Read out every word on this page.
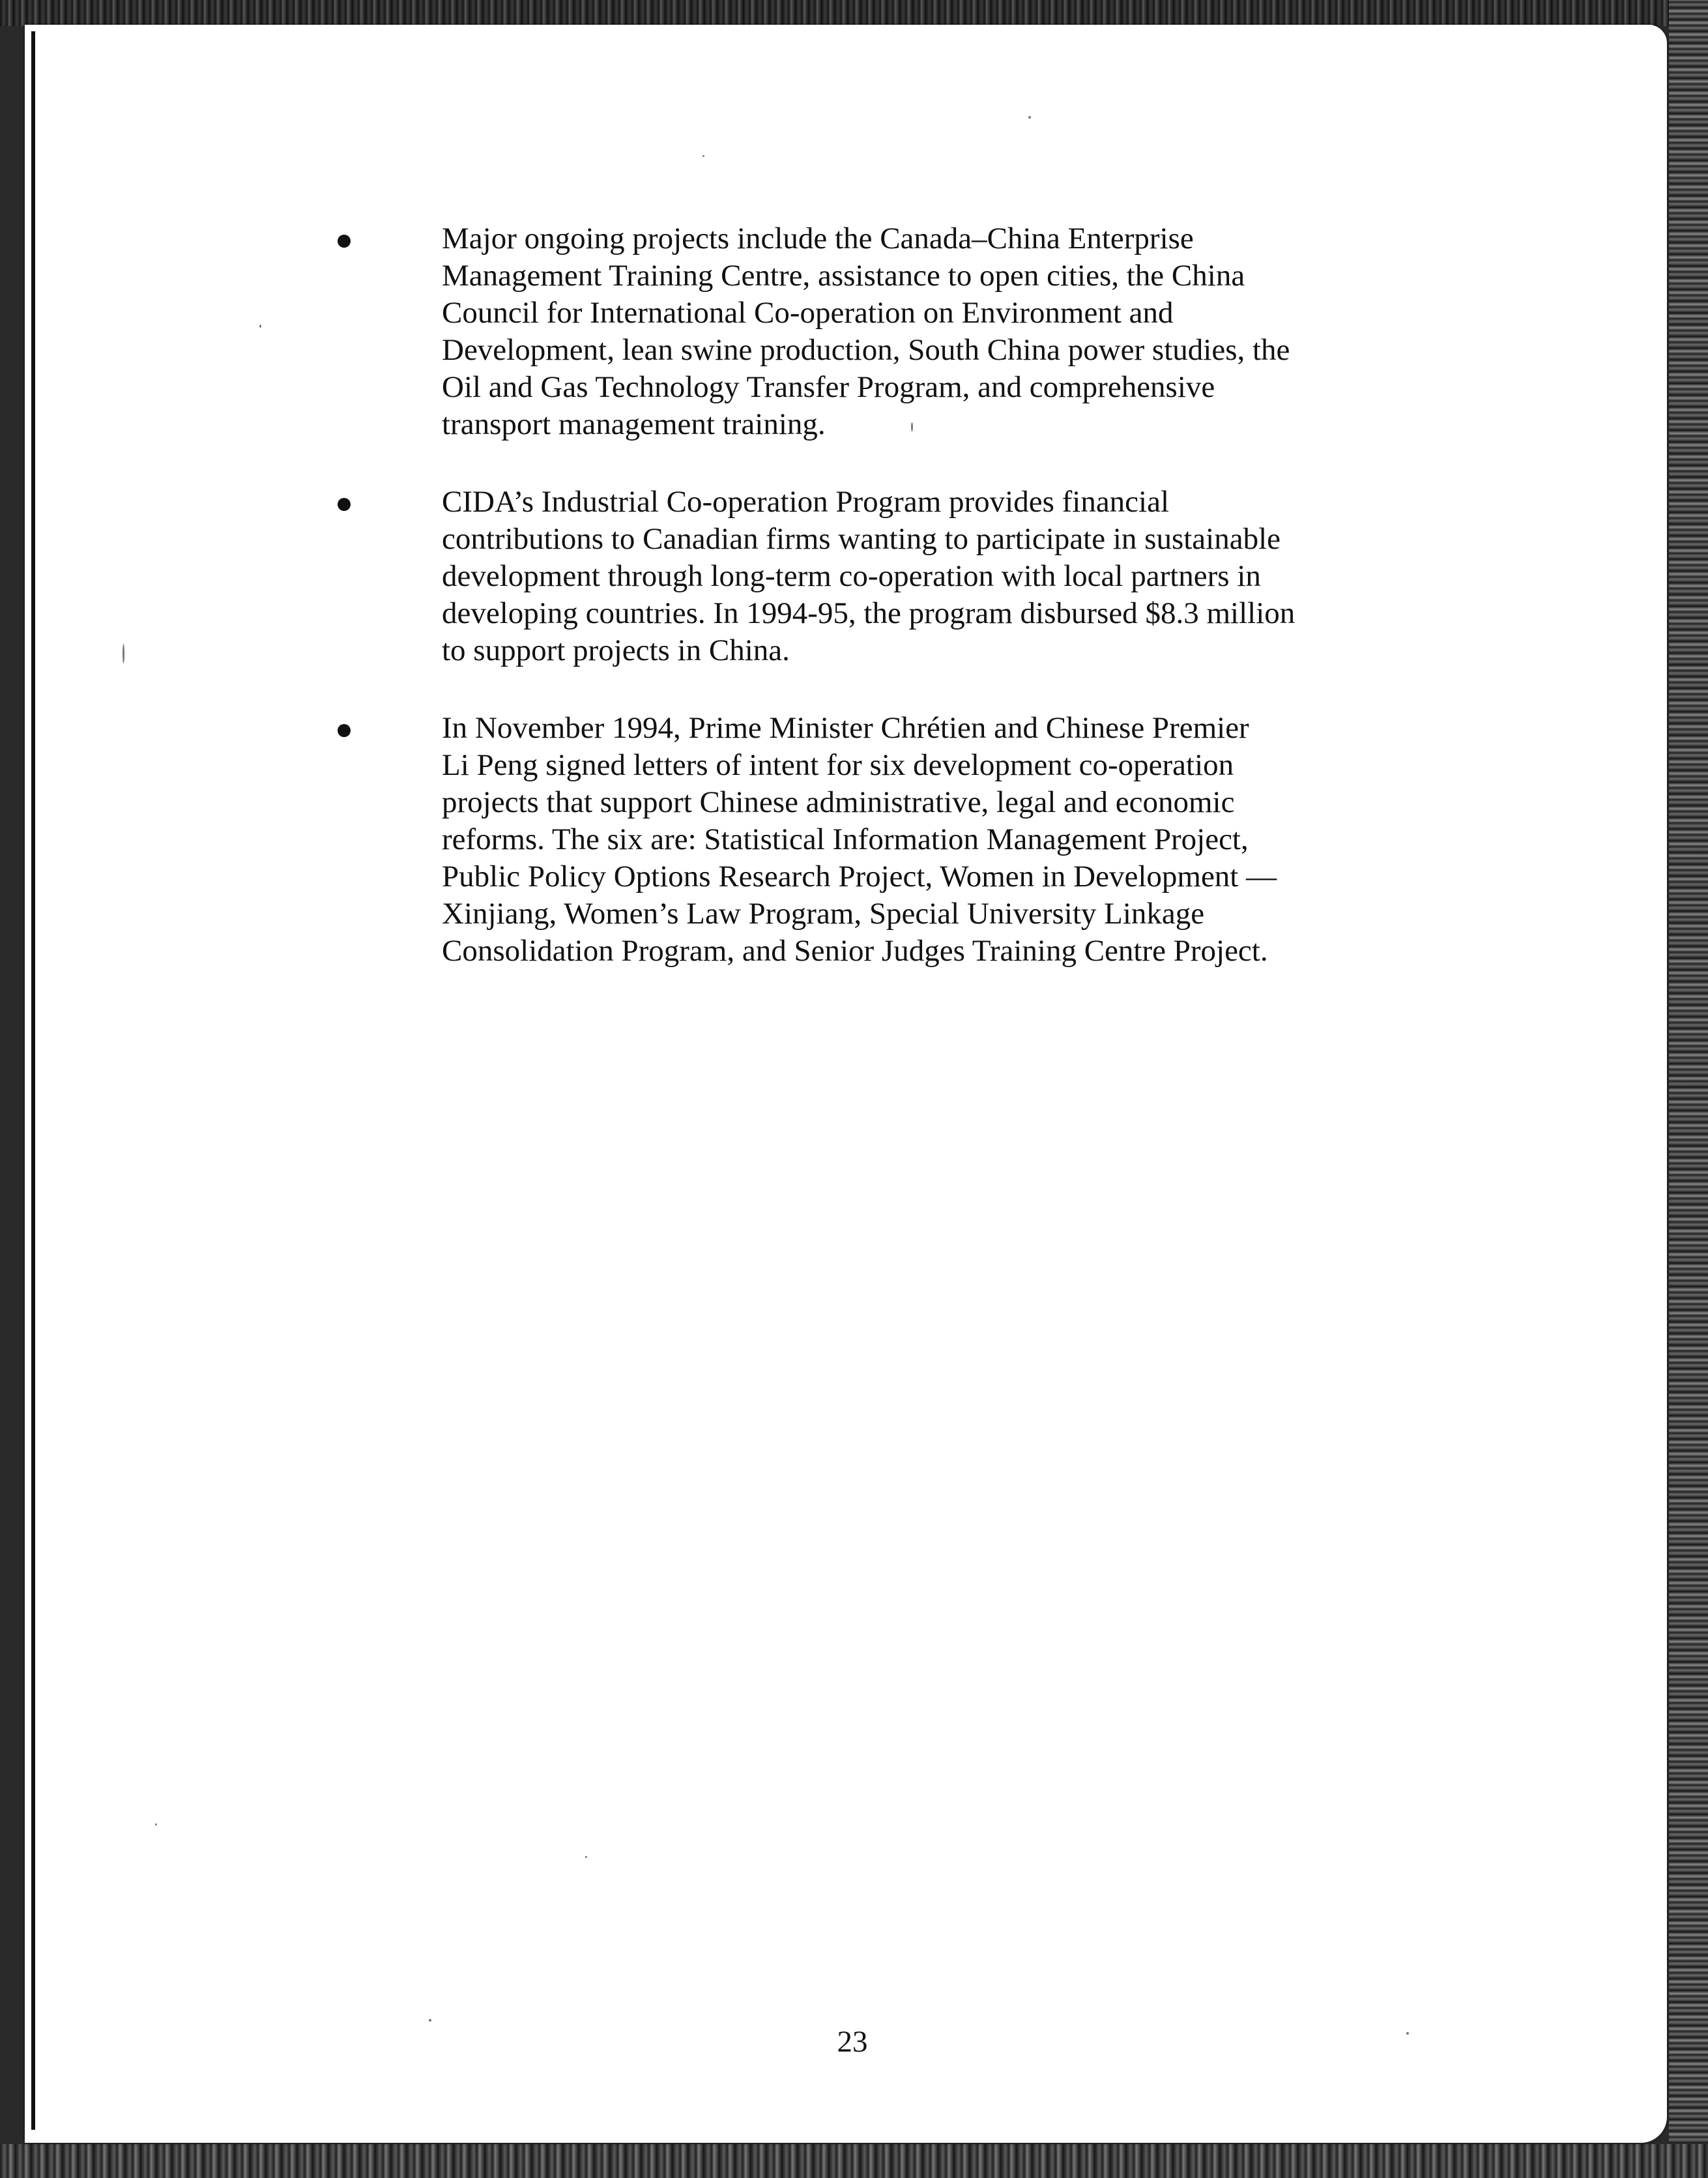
Major ongoing projects include the Canada–China Enterprise
Management Training Centre, assistance to open cities, the China
Council for International Co-operation on Environment and
Development, lean swine production, South China power studies, the
Oil and Gas Technology Transfer Program, and comprehensive
transport management training.
CIDA’s Industrial Co-operation Program provides financial
contributions to Canadian firms wanting to participate in sustainable
development through long-term co-operation with local partners in
developing countries. In 1994-95, the program disbursed $8.3 million
to support projects in China.
In November 1994, Prime Minister Chrétien and Chinese Premier
Li Peng signed letters of intent for six development co-operation
projects that support Chinese administrative, legal and economic
reforms. The six are: Statistical Information Management Project,
Public Policy Options Research Project, Women in Development —
Xinjiang, Women’s Law Program, Special University Linkage
Consolidation Program, and Senior Judges Training Centre Project.
23
